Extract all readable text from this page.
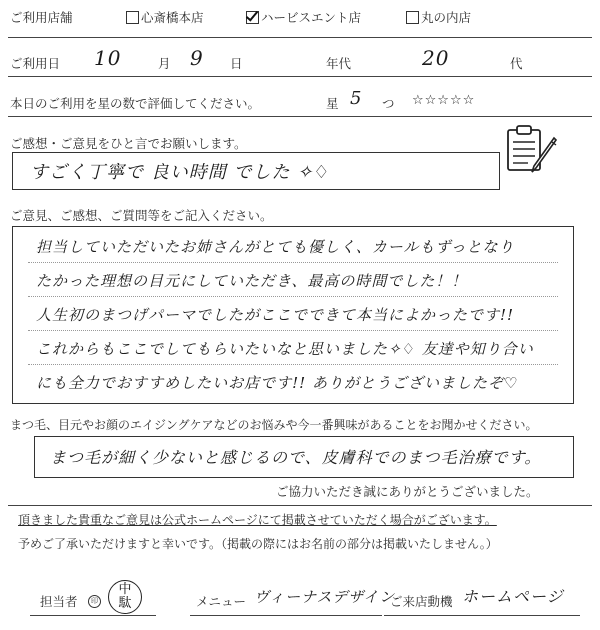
ご利用店舗	心斎橋本店	ハービスエント店	丸の内店
ご利用日 10	月 9 日	年代	20	代
本日のご利用を星の数で評価してください。	星 5 つ ☆☆☆☆☆
ご感想・ご意見をひと言でお願いします。
すごく丁寧で 良い時間 でした ✧♢
ご意見、ご感想、ご質問等をご記入ください。
担当していただいたお姉さんがとても優しく、カールもずっとなり
たかった理想の目元にしていただき、最高の時間でした！！
人生初のまつげパーマでしたがここでできて本当によかったです!!
これからもここでしてもらいたいなと思いました✧♢ 友達や知り合い
にも全力でおすすめしたいお店です!! ありがとうございましたぞ♡
まつ毛、目元やお顔のエイジングケアなどのお悩みや今一番興味があることをお聞かせください。
まつ毛が細く少ないと感じるので、皮膚科でのまつ毛治療です。
ご協力いただき誠にありがとうございました。
頂きました貴重なご意見は公式ホームページにて掲載させていただく場合がございます。
予めご了承いただけますと幸いです。（掲載の際にはお名前の部分は掲載いたしません。）
担当者	印
中
駄	メニュー ヴィーナスデザイン
ご来店動機 ホームページ
